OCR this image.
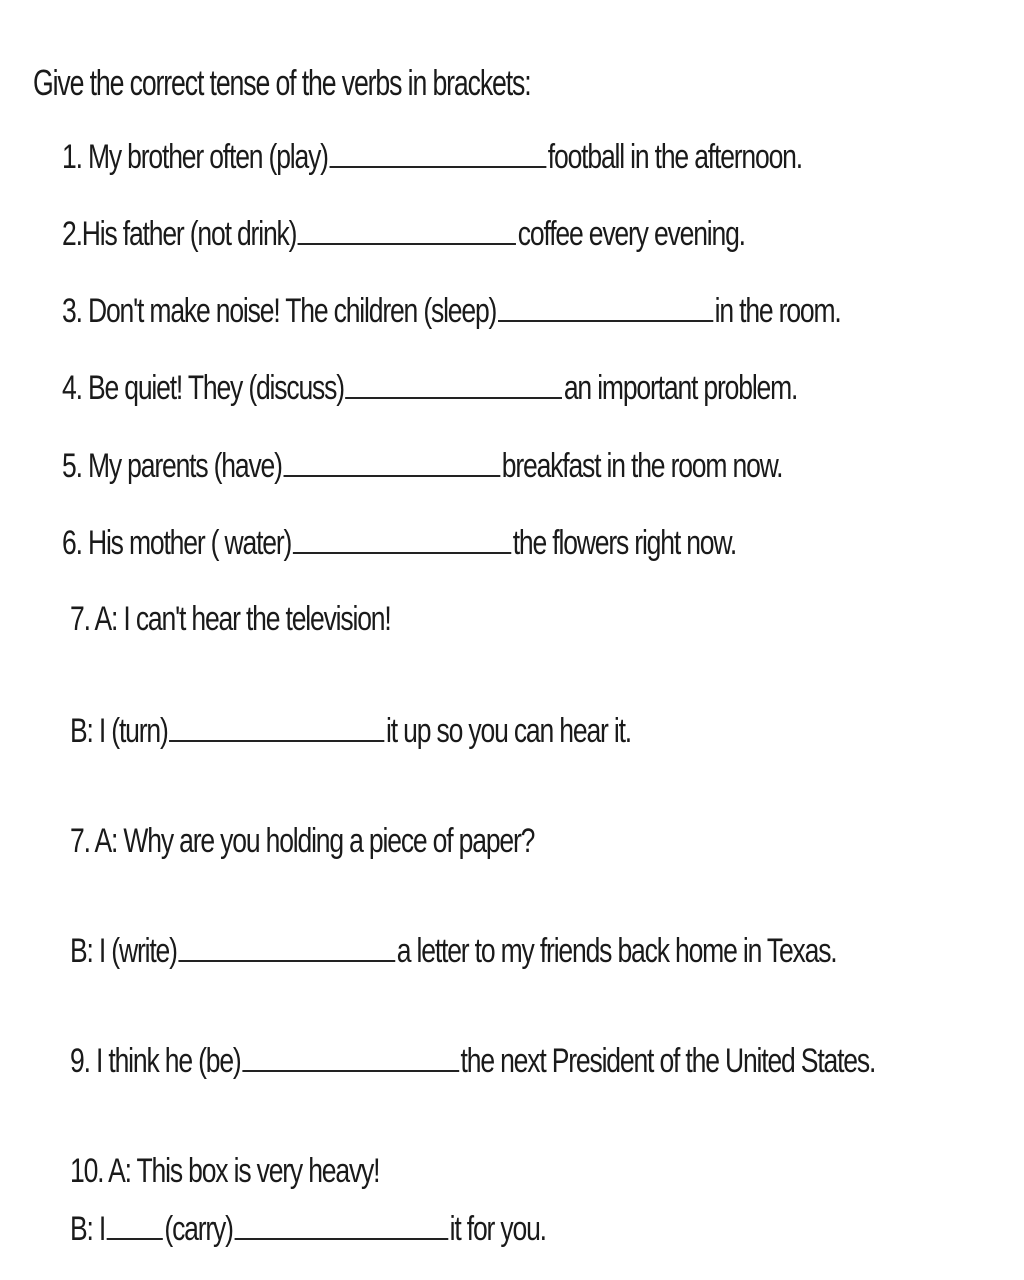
Give the correct tense of the verbs in brackets:
1. My brother often (play)	football in the afternoon.
2.His father (not drink)	coffee every evening.
3. Don't make noise! The children (sleep)	in the room.
4. Be quiet! They (discuss)	an important problem.
5. My parents (have)	breakfast in the room now.
6. His mother ( water)	the flowers right now.
7. A: I can't hear the television!
B: I (turn)	it up so you can hear it.
7. A: Why are you holding a piece of paper?
B: I (write)	a letter to my friends back home in Texas.
9. I think he (be)	the next President of the United States.
10. A: This box is very heavy!
B: I (carry)	it for you.
